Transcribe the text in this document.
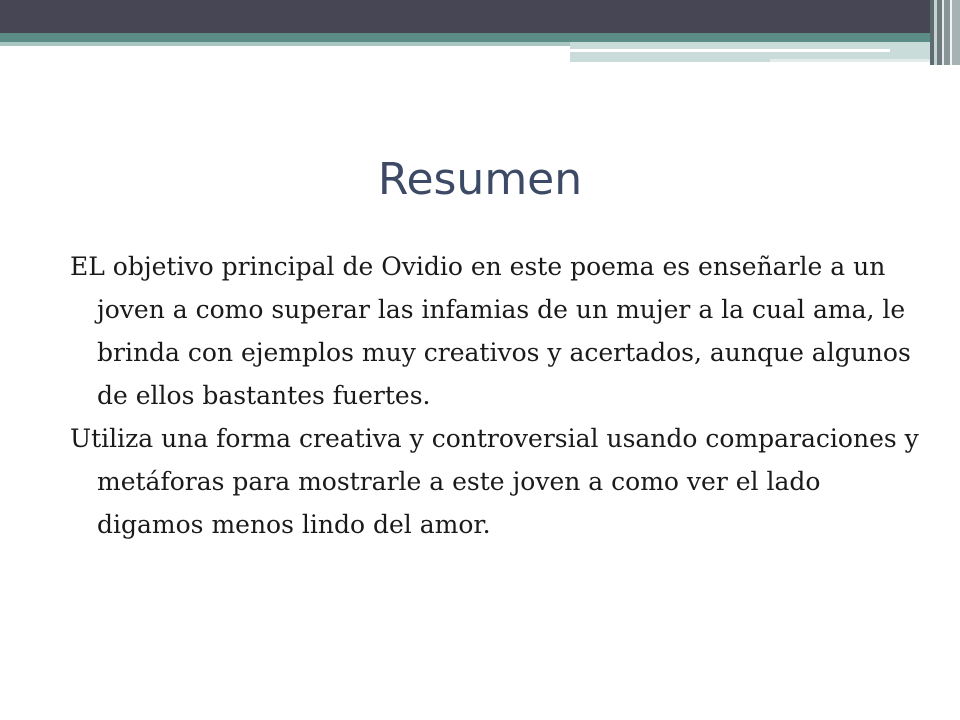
Resumen

EL objetivo principal de Ovidio en este poema es enseñarle a un joven a como superar las infamias de un mujer a la cual ama, le brinda con ejemplos muy creativos y acertados, aunque algunos de ellos bastantes fuertes.

Utiliza una forma creativa y controversial usando comparaciones y metáforas para mostrarle a este joven a como ver el lado digamos menos lindo del amor.
